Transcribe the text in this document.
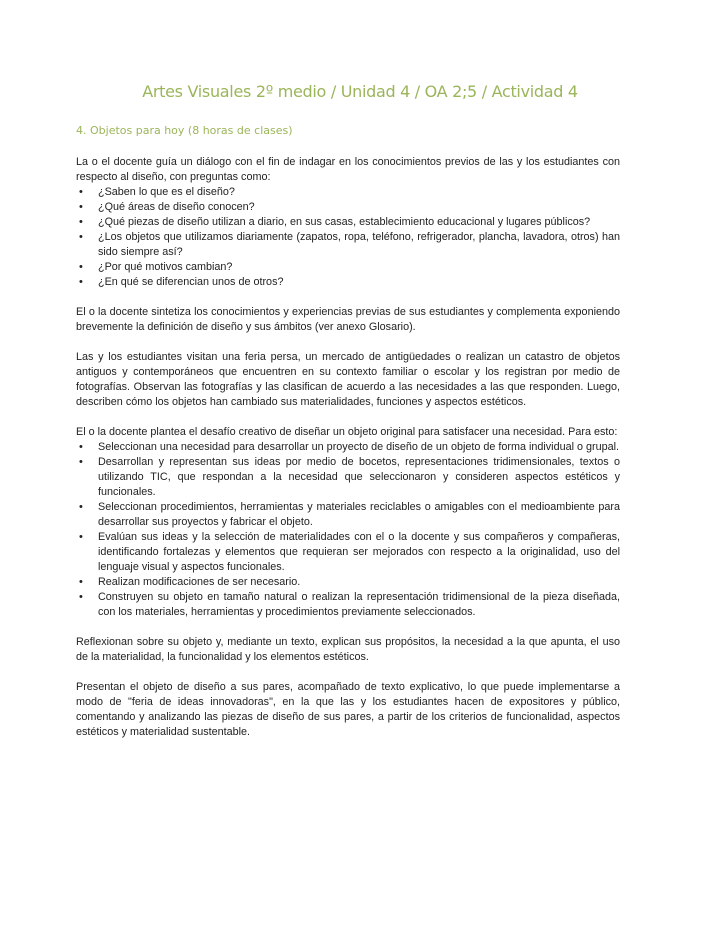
Artes Visuales 2º medio / Unidad 4 / OA 2;5 / Actividad 4
4. Objetos para hoy (8 horas de clases)

La o el docente guía un diálogo con el fin de indagar en los conocimientos previos de las y los estudiantes con respecto al diseño, con preguntas como:

• ¿Saben lo que es el diseño?
• ¿Qué áreas de diseño conocen?
• ¿Qué piezas de diseño utilizan a diario, en sus casas, establecimiento educacional y lugares públicos?
• ¿Los objetos que utilizamos diariamente (zapatos, ropa, teléfono, refrigerador, plancha, lavadora, otros) han sido siempre así?
• ¿Por qué motivos cambian?
• ¿En qué se diferencian unos de otros?

El o la docente sintetiza los conocimientos y experiencias previas de sus estudiantes y complementa exponiendo brevemente la definición de diseño y sus ámbitos (ver anexo Glosario).

Las y los estudiantes visitan una feria persa, un mercado de antigüedades o realizan un catastro de objetos antiguos y contemporáneos que encuentren en su contexto familiar o escolar y los registran por medio de fotografías. Observan las fotografías y las clasifican de acuerdo a las necesidades a las que responden. Luego, describen cómo los objetos han cambiado sus materialidades, funciones y aspectos estéticos.

El o la docente plantea el desafío creativo de diseñar un objeto original para satisfacer una necesidad. Para esto:

• Seleccionan una necesidad para desarrollar un proyecto de diseño de un objeto de forma individual o grupal.
• Desarrollan y representan sus ideas por medio de bocetos, representaciones tridimensionales, textos o utilizando TIC, que respondan a la necesidad que seleccionaron y consideren aspectos estéticos y funcionales.
• Seleccionan procedimientos, herramientas y materiales reciclables o amigables con el medioambiente para desarrollar sus proyectos y fabricar el objeto.
• Evalúan sus ideas y la selección de materialidades con el o la docente y sus compañeros y compañeras, identificando fortalezas y elementos que requieran ser mejorados con respecto a la originalidad, uso del lenguaje visual y aspectos funcionales.
• Realizan modificaciones de ser necesario.
• Construyen su objeto en tamaño natural o realizan la representación tridimensional de la pieza diseñada, con los materiales, herramientas y procedimientos previamente seleccionados.

Reflexionan sobre su objeto y, mediante un texto, explican sus propósitos, la necesidad a la que apunta, el uso de la materialidad, la funcionalidad y los elementos estéticos.

Presentan el objeto de diseño a sus pares, acompañado de texto explicativo, lo que puede implementarse a modo de "feria de ideas innovadoras", en la que las y los estudiantes hacen de expositores y público, comentando y analizando las piezas de diseño de sus pares, a partir de los criterios de funcionalidad, aspectos estéticos y materialidad sustentable.
